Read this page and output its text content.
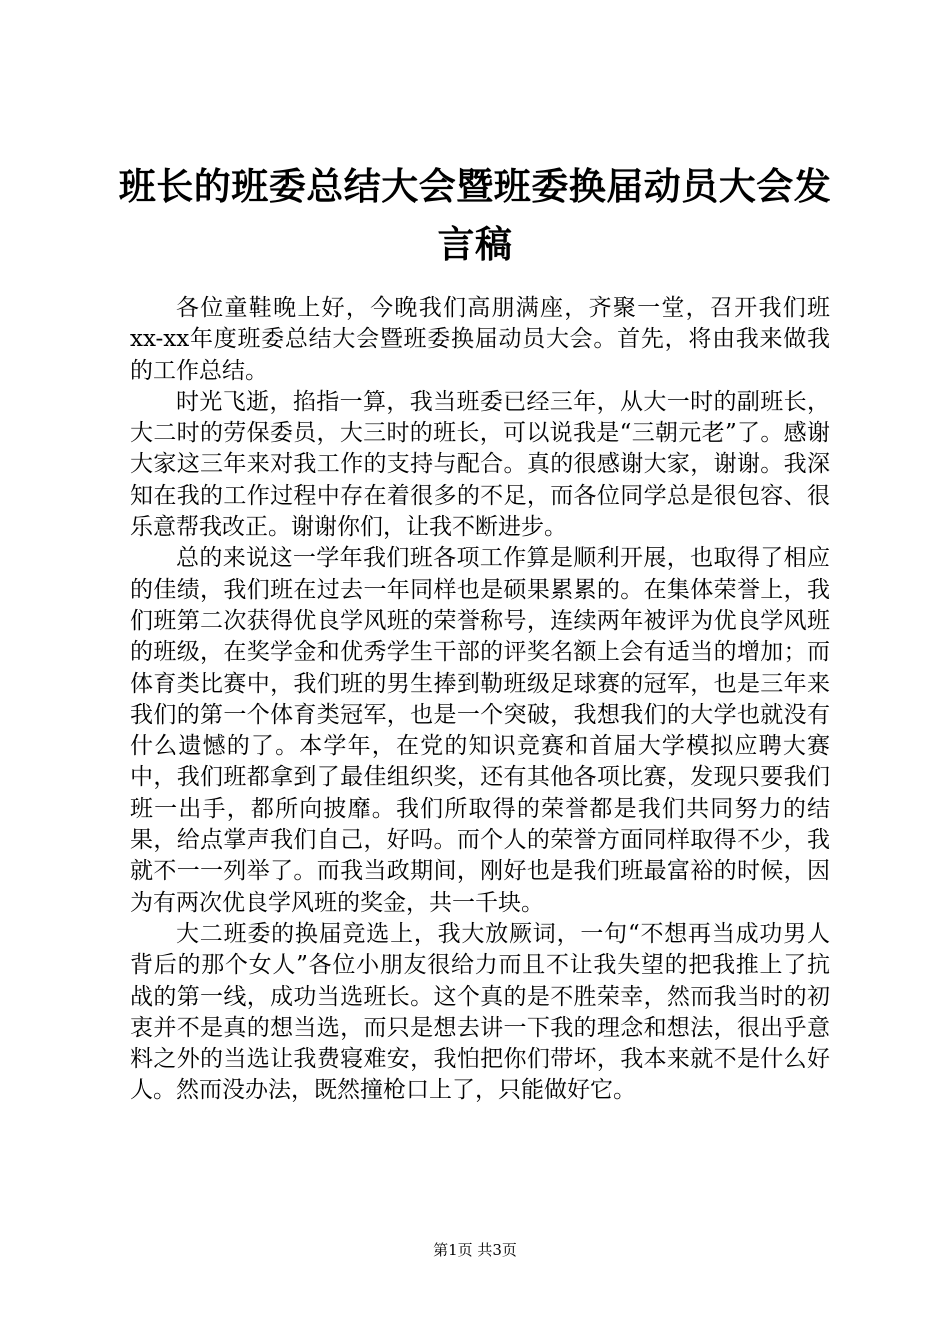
班长的班委总结大会暨班委换届动员大会发言稿

各位童鞋晚上好，今晚我们高朋满座，齐聚一堂，召开我们班xx-xx年度班委总结大会暨班委换届动员大会。首先，将由我来做我的工作总结。

时光飞逝，掐指一算，我当班委已经三年，从大一时的副班长，大二时的劳保委员，大三时的班长，可以说我是“三朝元老”了。感谢大家这三年来对我工作的支持与配合。真的很感谢大家，谢谢。我深知在我的工作过程中存在着很多的不足，而各位同学总是很包容、很乐意帮我改正。谢谢你们，让我不断进步。

总的来说这一学年我们班各项工作算是顺利开展，也取得了相应的佳绩，我们班在过去一年同样也是硕果累累的。在集体荣誉上，我们班第二次获得优良学风班的荣誉称号，连续两年被评为优良学风班的班级，在奖学金和优秀学生干部的评奖名额上会有适当的增加；而体育类比赛中，我们班的男生捧到勒班级足球赛的冠军，也是三年来我们的第一个体育类冠军，也是一个突破，我想我们的大学也就没有什么遗憾的了。本学年，在党的知识竞赛和首届大学模拟应聘大赛中，我们班都拿到了最佳组织奖，还有其他各项比赛，发现只要我们班一出手，都所向披靡。我们所取得的荣誉都是我们共同努力的结果，给点掌声我们自己，好吗。而个人的荣誉方面同样取得不少，我就不一一列举了。而我当政期间，刚好也是我们班最富裕的时候，因为有两次优良学风班的奖金，共一千块。

大二班委的换届竞选上，我大放厥词，一句“不想再当成功男人背后的那个女人”各位小朋友很给力而且不让我失望的把我推上了抗战的第一线，成功当选班长。这个真的是不胜荣幸，然而我当时的初衷并不是真的想当选，而只是想去讲一下我的理念和想法，很出乎意料之外的当选让我费寝难安，我怕把你们带坏，我本来就不是什么好人。然而没办法，既然撞枪口上了，只能做好它。

第1页 共3页
